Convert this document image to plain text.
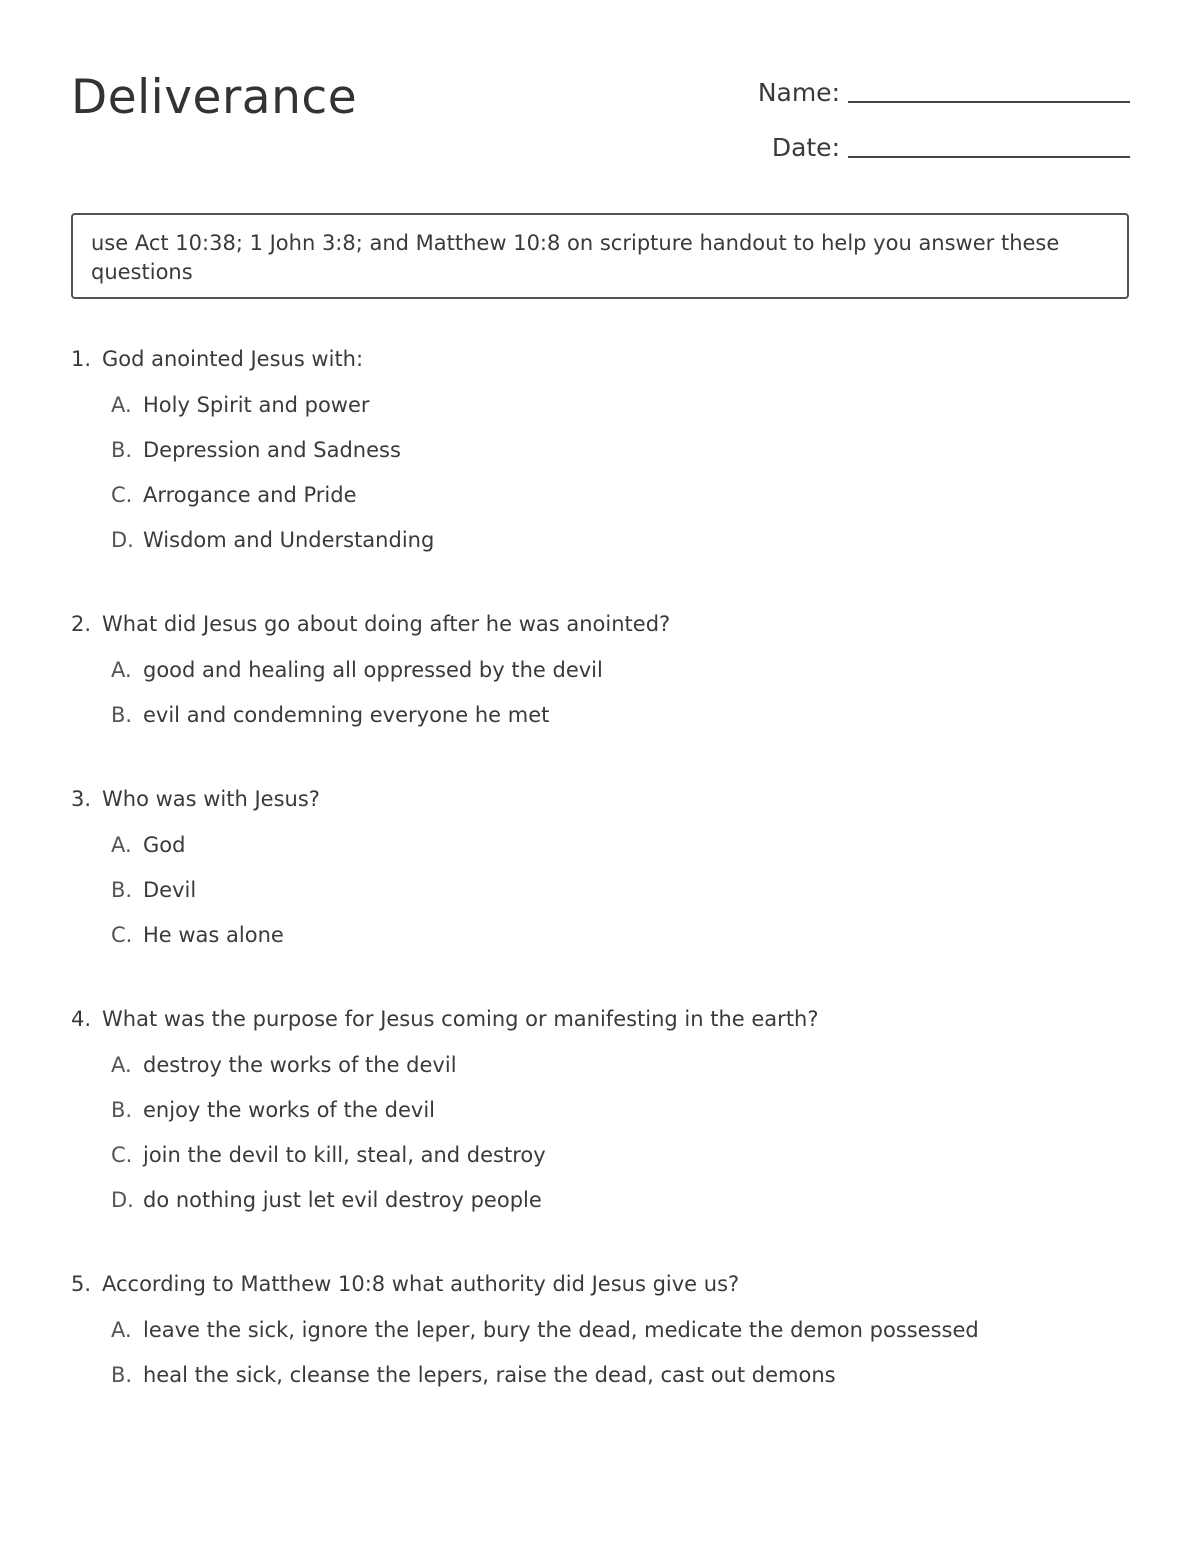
Deliverance	Name:
Date:
use Act 10:38; 1 John 3:8; and Matthew 10:8 on scripture handout to help you answer these questions
1. God anointed Jesus with:
A. Holy Spirit and power
B. Depression and Sadness
C. Arrogance and Pride
D. Wisdom and Understanding
2. What did Jesus go about doing after he was anointed?
A. good and healing all oppressed by the devil
B. evil and condemning everyone he met
3. Who was with Jesus?
A. God
B. Devil
C. He was alone
4. What was the purpose for Jesus coming or manifesting in the earth?
A. destroy the works of the devil
B. enjoy the works of the devil
C. join the devil to kill, steal, and destroy
D. do nothing just let evil destroy people
5. According to Matthew 10:8 what authority did Jesus give us?
A. leave the sick, ignore the leper, bury the dead, medicate the demon possessed
B. heal the sick, cleanse the lepers, raise the dead, cast out demons
